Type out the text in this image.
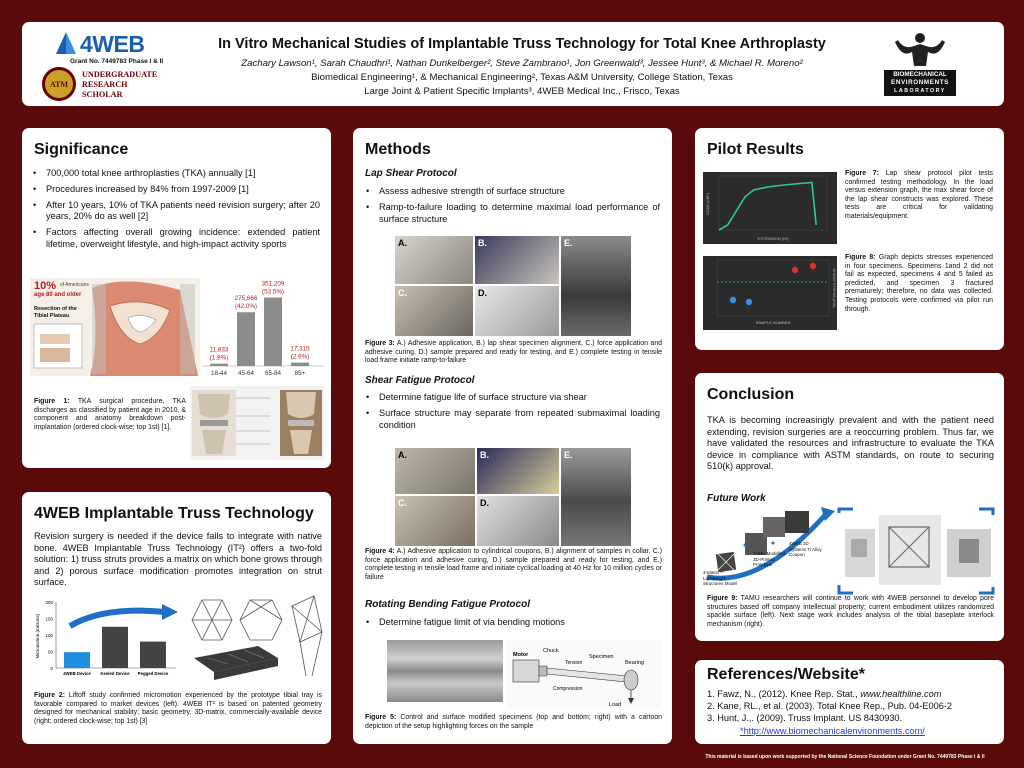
4WEB
Grant No. 7449783 Phase I & II
ATM
UNDERGRADUATE
RESEARCH
SCHOLAR
In Vitro Mechanical Studies of Implantable Truss Technology for Total Knee Arthroplasty
Zachary Lawson¹, Sarah Chaudhri¹, Nathan Dunkelberger², Steve Zambrano¹, Jon Greenwald³, Jessee Hunt³, & Michael R. Moreno²
Biomedical Engineering¹, & Mechanical Engineering², Texas A&M University, College Station, Texas
Large Joint & Patient Specific Implants³, 4WEB Medical Inc., Frisco, Texas
BIOMECHANICAL
ENVIRONMENTS
LABORATORY
Significance
• 700,000 total knee arthroplasties (TKA) annually [1]
• Procedures increased by 84% from 1997-2009 [1]
• After 10 years, 10% of TKA patients need revision surgery; after 20 years, 20% do as well [2]
• Factors affecting overall growing incidence: extended patient lifetime, overweight lifestyle, and high-impact activity sports
10% of Americans
age 80 and older
Resection of the Tibial Plateau
11,833
(1.8%)
18-44
275,666
(42.0%)
45-64
351,209
(53.5%)
65-84
17,315
(2.6%)
85+

Figure 1: TKA surgical procedure, TKA discharges as classified by patient age in 2010, & component and anatomy breakdown post-implantation (ordered clock-wise; top 1st) [1].

4WEB Implantable Truss Technology

Revision surgery is needed if the device fails to integrate with native bone. 4WEB Implantable Truss Technology (IT²) offers a two-fold solution: 1) truss struts provides a matrix on which bone grows through and 2) porous surface modification promotes integration on strut surface.

0
50
100
150
200
Micromotion (microns)
4WEB Device Keeled Device Pegged Device

Figure 2: Liftoff study confirmed micromotion experienced by the prototype tibial tray is favorable compared to market devices (left). 4WEB IT² is based on patented geometry designed for mechanical stability; basic geometry, 3D-matrix, commercially-available device (right; ordered clock-wise; top 1st) [3]

Methods
Lap Shear Protocol
• Assess adhesive strength of surface structure
• Ramp-to-failure loading to determine maximal load performance of surface structure
A.	B.	E.
C.	D.

Figure 3: A.) Adhesive application, B.) lap shear specimen alignment, C.) force application and adhesive curing, D.) sample prepared and ready for testing, and E.) complete testing in tensile load frame initiate ramp-to-failure

Shear Fatigue Protocol
• Determine fatigue life of surface structure via shear
• Surface structure may separate from repeated submaximal loading condition
A.	B.	E.
C.	D.

Figure 4: A.) Adhesive application to cylindrical coupons, B.) alignment of samples in collar, C.) force application and adhesive curing, D.) sample prepared and ready for testing, and E.) complete testing in tensile load frame and initiate cyclical loading at 40 Hz for 10 million cycles or failure

Rotating Bending Fatigue Protocol
• Determine fatigue limit of via bending motions
Chuck
Specimen
Tension	Bearing
Motor
Compression
Load

Figure 5: Control and surface modified specimens (top and bottom; right) with a cartoon depiction of the setup highlighting forces on the sample

Pilot Results
EXTENSION (IN)
LOAD (LBF)

Figure 7: Lap shear protocol pilot tests confirmed testing methodology. In the load versus extension graph, the max shear force of the lap shear constructs was explored. These tests are critical for validating materials/equipment.

SAMPLE NUMBER
SHEAR STRESS (KSI)

Figure 8: Graph depicts stresses experienced in four specimens. Specimens 1and 2 did not fail as expected, specimens 4 and 5 failed as predicted, and specimen 3 fractured prematurely; therefore, no data was collected. Testing protocols were confirmed via pilot run through.

Conclusion

TKA is becoming increasingly prevalent and with the patient need extending, revision surgeries are a reoccurring problem. Thus far, we have validated the resources and infrastructure to evaluate the TKA device in compliance with ASTM standards, on route to securing 510(k) approval.

Future Work
3-Matrix™ Lightweight Structures Model
TAMU Modelled 3D-Printed Prototype
4WEB 3D Systems Ti Alloy Coupon

Figure 9: TAMU researchers will continue to work with 4WEB personnel to develop pore structures based off company intellectual property; current embodiment utilizes randomized spackle surface (left). Next stage work includes analysis of the tibial baseplate interlock mechanism (right).

References/Website*
1. Fawz, N., (2012). Knee Rep. Stat., www.healthline.com
2. Kane, RL., et al. (2003). Total Knee Rep., Pub. 04-E006-2
3. Hunt, J.,. (2009). Truss Implant. US 8430930.
*http://www.biomechanicalenvironments.com/
This material is based upon work supported by the National Science Foundation under Grant No. 7449783 Phase I & II
